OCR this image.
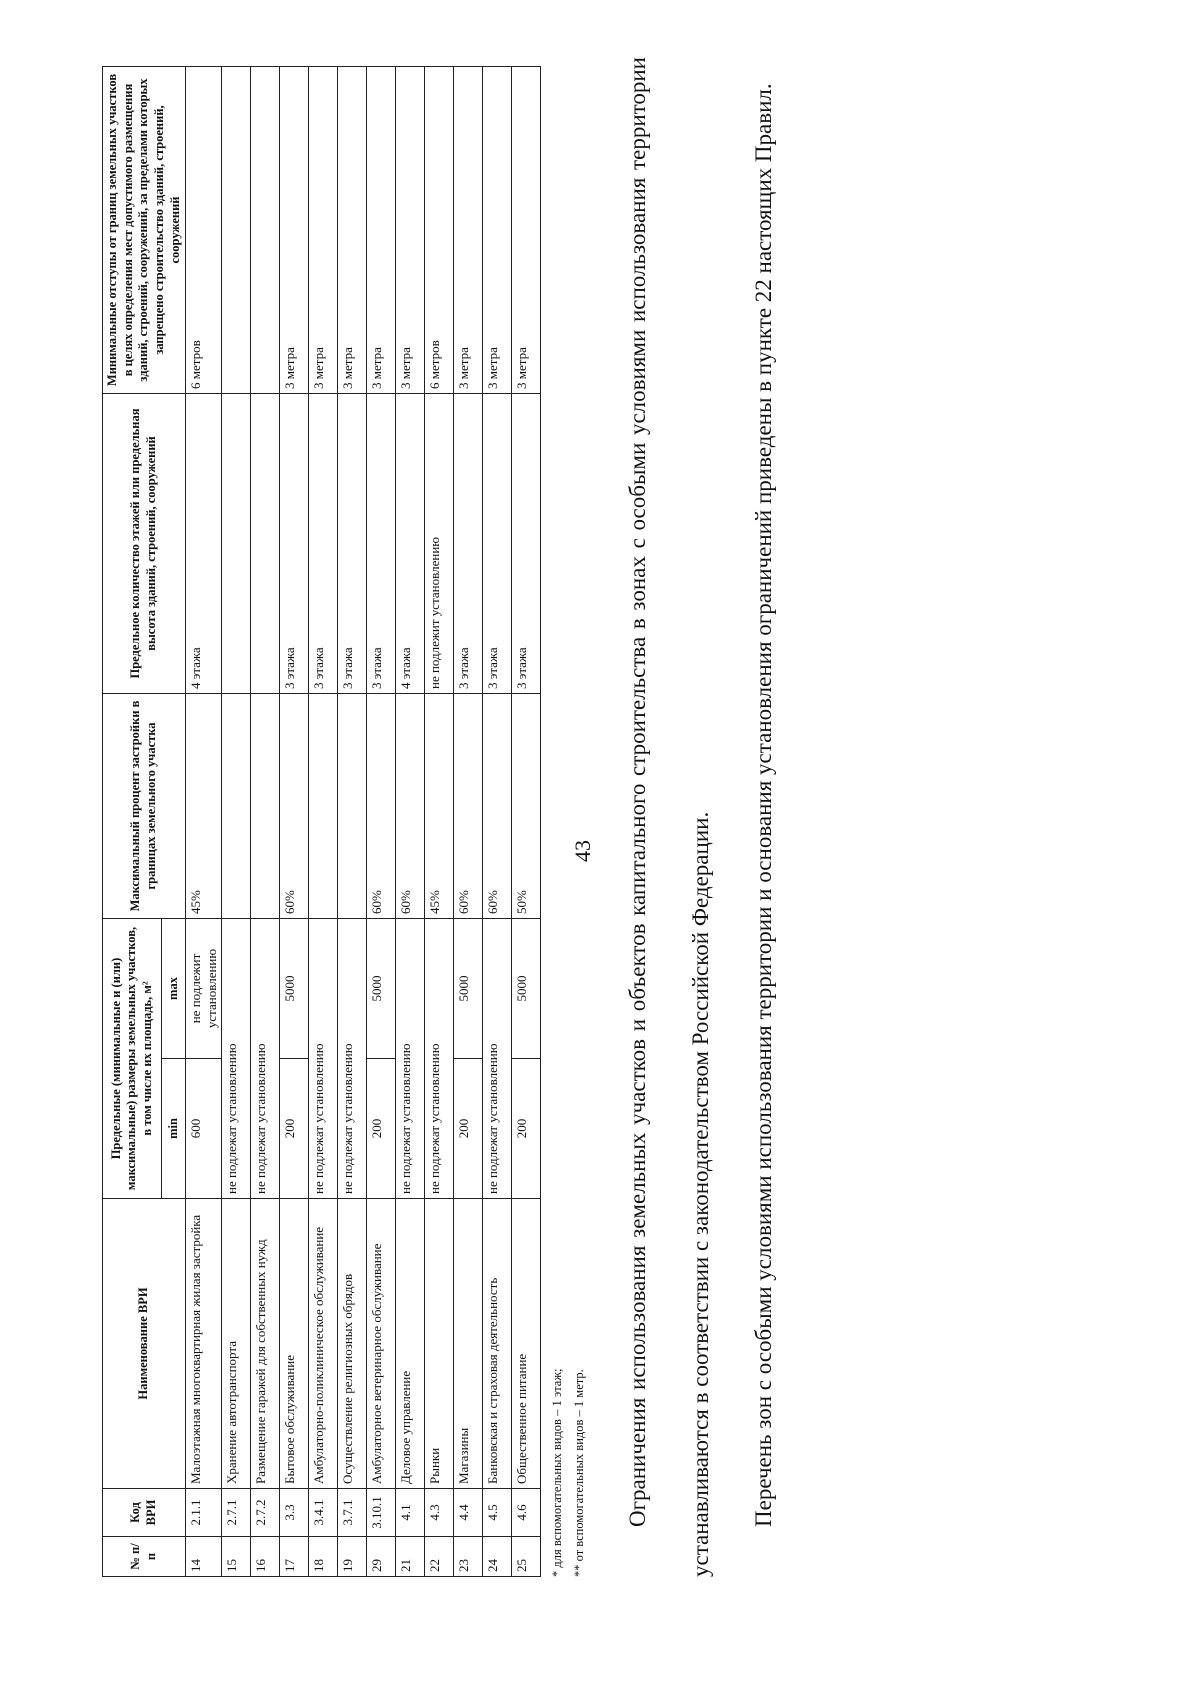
43
№ п/п	Код ВРИ	Наименование ВРИ	Предельные (минимальные и (или) максимальные) размеры земельных участков, в том числе их площадь, м²		Максимальный процент застройки в границах земельного участка	Предельное количество этажей или предельная высота зданий, строений, сооружений	Минимальные отступы от границ земельных участков в целях определения мест допустимого размещения зданий, строений, сооружений, за пределами которых запрещено строительство зданий, строений, сооружений
			min	max			
14	2.1.1	Малоэтажная многоквартирная жилая застройка	600	не подлежит установлению	45%	4 этажа	6 метров
15	2.7.1	Хранение автотранспорта	не подлежат установлению				
16	2.7.2	Размещение гаражей для собственных нужд	не подлежат установлению				
17	3.3	Бытовое обслуживание	200	5000	60%	3 этажа	3 метра
18	3.4.1	Амбулаторно-поликлиническое обслуживание	не подлежат установлению			3 этажа	3 метра
19	3.7.1	Осуществление религиозных обрядов	не подлежат установлению			3 этажа	3 метра
29	3.10.1	Амбулаторное ветеринарное обслуживание	200	5000	60%	3 этажа	3 метра
21	4.1	Деловое управление	не подлежат установлению		60%	4 этажа	3 метра
22	4.3	Рынки	не подлежат установлению		45%	не подлежит установлению	6 метров
23	4.4	Магазины	200	5000	60%	3 этажа	3 метра
24	4.5	Банковская и страховая деятельность	не подлежат установлению		60%	3 этажа	3 метра
25	4.6	Общественное питание	200	5000	50%	3 этажа	3 метра
* для вспомогательных видов – 1 этаж; ** от вспомогательных видов – 1 метр.	Ограничения использования земельных участков и объектов капитального строительства в зонах с особыми условиями использования территории устанавливаются в соответствии с законодательством Российской Федерации.	Перечень зон с особыми условиями использования территории и основания установления ограничений приведены в пункте 22 настоящих Правил.
